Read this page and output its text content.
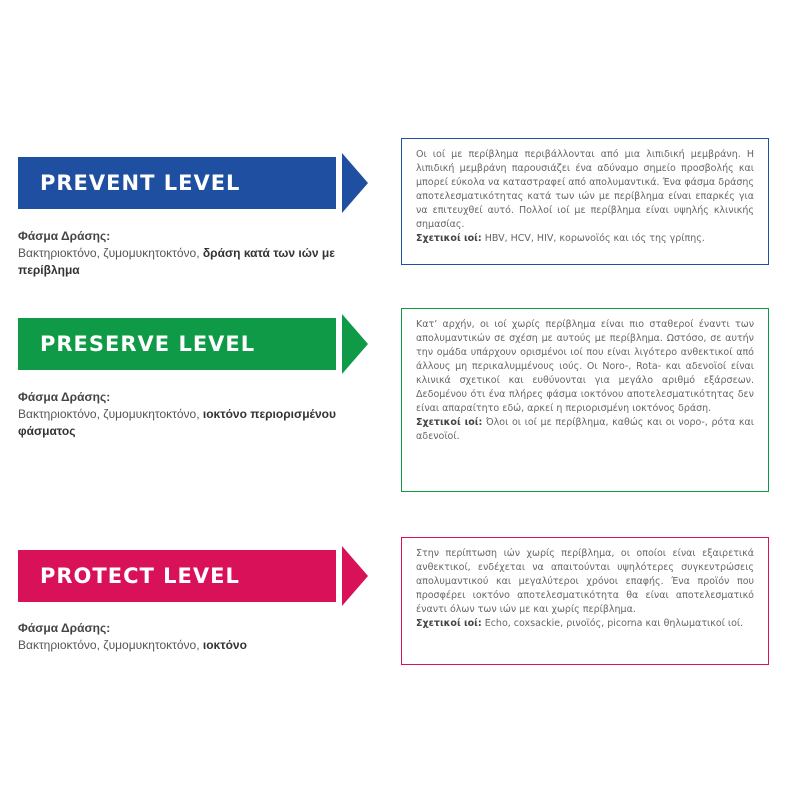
PREVENT LEVEL
Φάσμα Δράσης:
Βακτηριοκτόνο, ζυμομυκητοκτόνο, δράση κατά των ιών με περίβλημα
Οι ιοί με περίβλημα περιβάλλονται από μια λιπιδική μεμβράνη. Η λιπιδική μεμβράνη παρουσιάζει ένα αδύναμο σημείο προσβολής και μπορεί εύκολα να καταστραφεί από απολυμαντικά. Ένα φάσμα δράσης αποτελεσματικότητας κατά των ιών με περίβλημα είναι επαρκές για να επιτευχθεί αυτό. Πολλοί ιοί με περίβλημα είναι υψηλής κλινικής σημασίας.
Σχετικοί ιοί: HBV, HCV, HIV, κορωνοϊός και ιός της γρίπης.
PRESERVE LEVEL
Φάσμα Δράσης:
Βακτηριοκτόνο, ζυμομυκητοκτόνο, ιοκτόνο περιορισμένου φάσματος
Κατ’ αρχήν, οι ιοί χωρίς περίβλημα είναι πιο σταθεροί έναντι των απολυμαντικών σε σχέση με αυτούς με περίβλημα. Ωστόσο, σε αυτήν την ομάδα υπάρχουν ορισμένοι ιοί που είναι λιγότερο ανθεκτικοί από άλλους μη περικαλυμμένους ιούς. Οι Noro-, Rota- και αδενοϊοί είναι κλινικά σχετικοί και ευθύνονται για μεγάλο αριθμό εξάρσεων. Δεδομένου ότι ένα πλήρες φάσμα ιοκτόνου αποτελεσματικότητας δεν είναι απαραίτητο εδώ, αρκεί η περιορισμένη ιοκτόνος δράση.
Σχετικοί ιοί: Όλοι οι ιοί με περίβλημα, καθώς και οι νορο-, ρότα και αδενοϊοί.
PROTECT LEVEL
Φάσμα Δράσης:
Βακτηριοκτόνο, ζυμομυκητοκτόνο, ιοκτόνο
Στην περίπτωση ιών χωρίς περίβλημα, οι οποίοι είναι εξαιρετικά ανθεκτικοί, ενδέχεται να απαιτούνται υψηλότερες συγκεντρώσεις απολυμαντικού και μεγαλύτεροι χρόνοι επαφής. Ένα προϊόν που προσφέρει ιοκτόνο αποτελεσματικότητα θα είναι αποτελεσματικό έναντι όλων των ιών με και χωρίς περίβλημα.
Σχετικοί ιοί: Echo, coxsackie, ρινοϊός, picorna και θηλωματικοί ιοί.
